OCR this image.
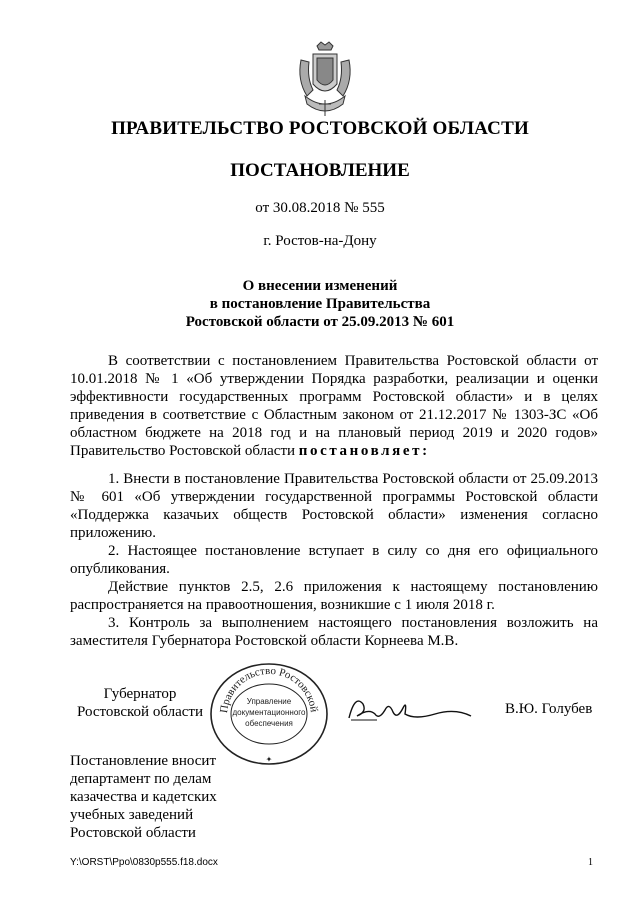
ПРАВИТЕЛЬСТВО РОСТОВСКОЙ ОБЛАСТИ
ПОСТАНОВЛЕНИЕ
от 30.08.2018 № 555
г. Ростов-на-Дону
О внесении изменений
в постановление Правительства
Ростовской области от 25.09.2013 № 601

В соответствии с постановлением Правительства Ростовской области от 10.01.2018 № 1 «Об утверждении Порядка разработки, реализации и оценки эффективности государственных программ Ростовской области» и в целях приведения в соответствие с Областным законом от 21.12.2017 № 1303-ЗС «Об областном бюджете на 2018 год и на плановый период 2019 и 2020 годов» Правительство Ростовской области постановляет:

1. Внести в постановление Правительства Ростовской области от 25.09.2013 № 601 «Об утверждении государственной программы Ростовской области «Поддержка казачьих обществ Ростовской области» изменения согласно приложению.

2. Настоящее постановление вступает в силу со дня его официального опубликования.

Действие пунктов 2.5, 2.6 приложения к настоящему постановлению распространяется на правоотношения, возникшие с 1 июля 2018 г.

3. Контроль за выполнением настоящего постановления возложить на заместителя Губернатора Ростовской области Корнеева М.В.

Губернатор
Ростовской области	Правительство Ростовской
Управление
документационного
обеспечения
✦
В.Ю. Голубев
Постановление вносит
департамент по делам
казачества и кадетских
учебных заведений
Ростовской области
Y:\ORST\Ppo\0830p555.f18.docx	1
